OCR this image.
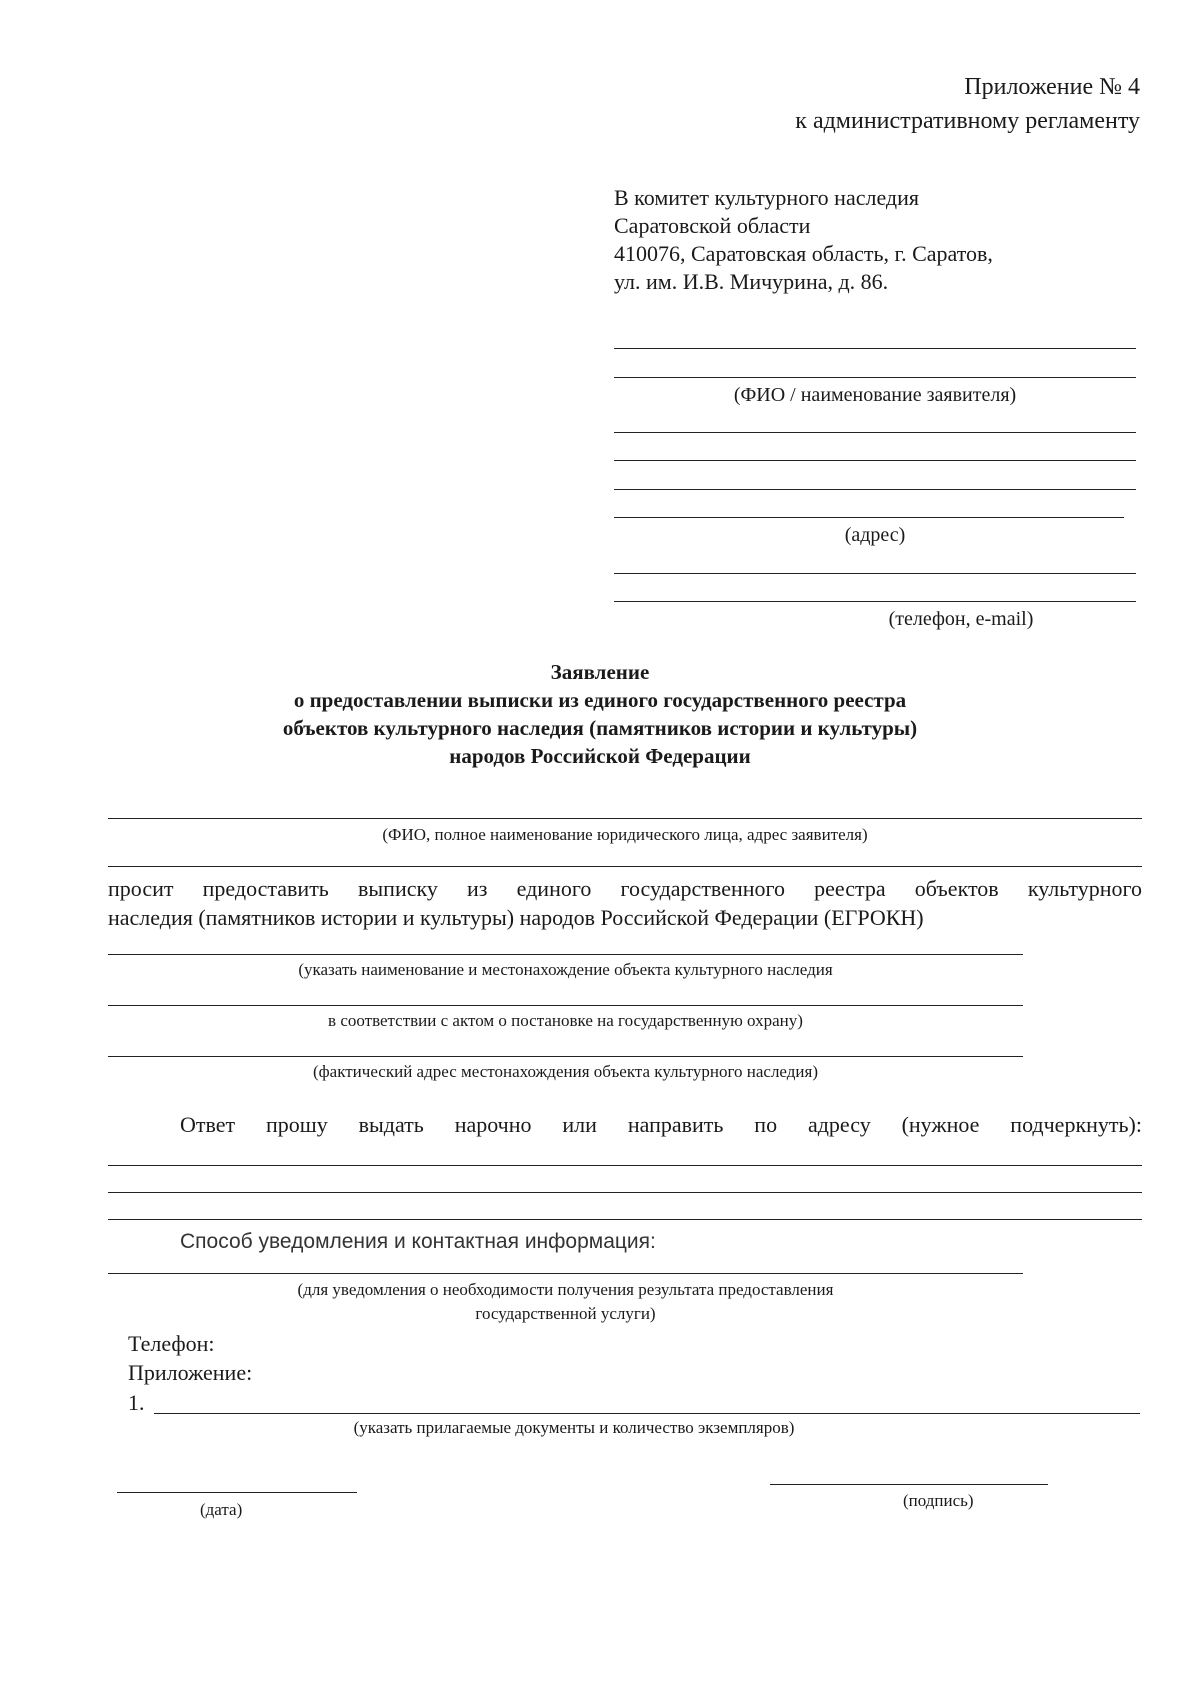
Приложение № 4
к административному регламенту
В комитет культурного наследия
Саратовской области
410076, Саратовская область, г. Саратов,
ул. им. И.В. Мичурина, д. 86.
(ФИО / наименование заявителя)
(адрес)
(телефон, e-mail)
Заявление
о предоставлении выписки из единого государственного реестра
объектов культурного наследия (памятников истории и культуры)
народов Российской Федерации
(ФИО, полное наименование юридического лица, адрес заявителя)
просит предоставить выписку из единого государственного реестра объектов культурного
наследия (памятников истории и культуры) народов Российской Федерации (ЕГРОКН)
(указать наименование и местонахождение объекта культурного наследия
в соответствии с актом о постановке на государственную охрану)
(фактический адрес местонахождения объекта культурного наследия)
Ответ прошу выдать нарочно или направить по адресу (нужное подчеркнуть):
Способ уведомления и контактная информация:
(для уведомления о необходимости получения результата предоставления
государственной услуги)
Телефон:
Приложение:
1.
(указать прилагаемые документы и количество экземпляров)
(дата)	(подпись)
